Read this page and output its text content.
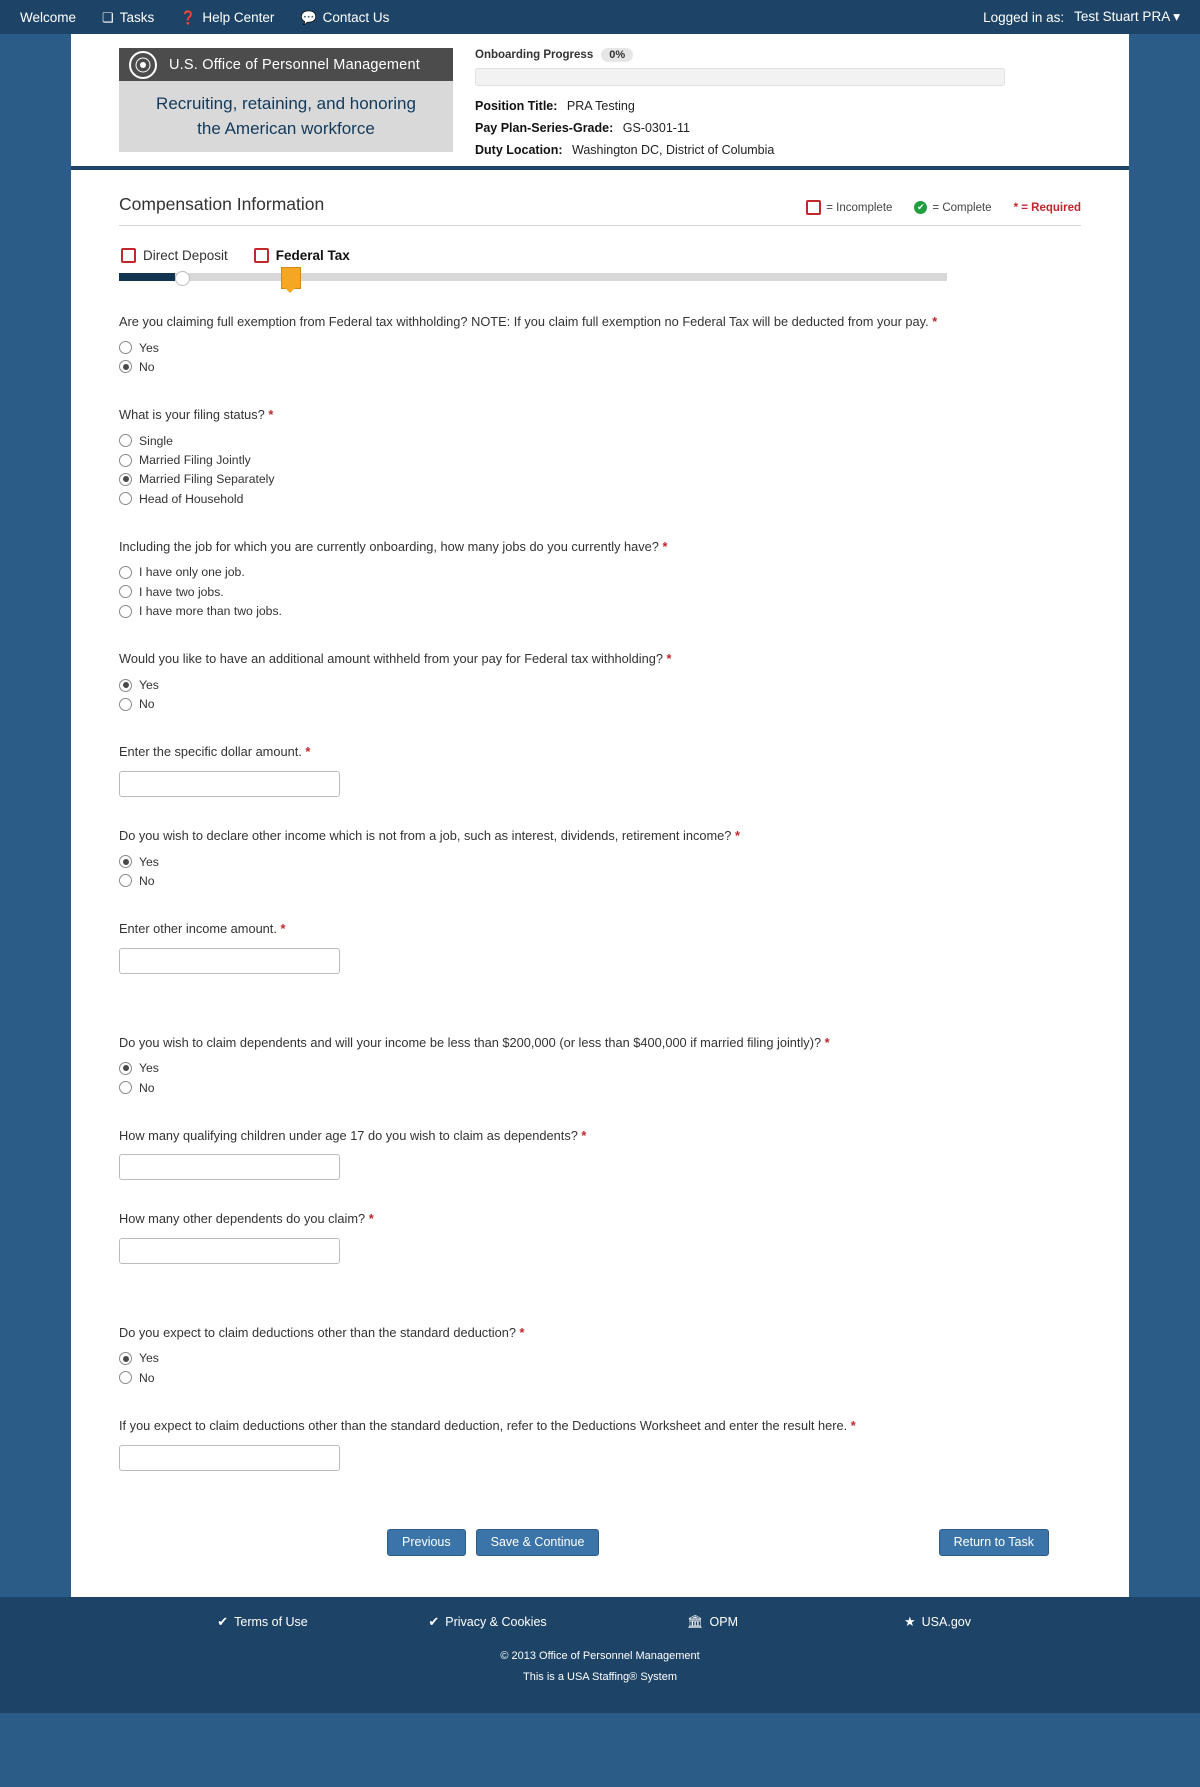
Welcome ❏ Tasks ❓ Help Center 💬 Contact Us	Logged in as: Test Stuart PRA ▾
U.S. Office of Personnel Management
Recruiting, retaining, and honoring
the American workforce
Onboarding Progress	0%
Position Title: PRA Testing
Pay Plan-Series-Grade: GS-0301-11
Duty Location: Washington DC, District of Columbia
Compensation Information	= Incomplete	✔ = Complete * = Required
Direct Deposit	Federal Tax
Are you claiming full exemption from Federal tax withholding? NOTE: If you claim full exemption no Federal Tax will be deducted from your pay. *
Yes
No
What is your filing status? *
Single
Married Filing Jointly
Married Filing Separately
Head of Household
Including the job for which you are currently onboarding, how many jobs do you currently have? *
I have only one job.
I have two jobs.
I have more than two jobs.
Would you like to have an additional amount withheld from your pay for Federal tax withholding? *
Yes
No
Enter the specific dollar amount. *
Do you wish to declare other income which is not from a job, such as interest, dividends, retirement income? *
Yes
No
Enter other income amount. *
Do you wish to claim dependents and will your income be less than $200,000 (or less than $400,000 if married filing jointly)? *
Yes
No
How many qualifying children under age 17 do you wish to claim as dependents? *
How many other dependents do you claim? *
Do you expect to claim deductions other than the standard deduction? *
Yes
No
If you expect to claim deductions other than the standard deduction, refer to the Deductions Worksheet and enter the result here. *
Previous	Save & Continue	Return to Task
✔ Terms of Use	✔ Privacy & Cookies	🏛 OPM	★ USA.gov
© 2013 Office of Personnel Management
This is a USA Staffing® System
